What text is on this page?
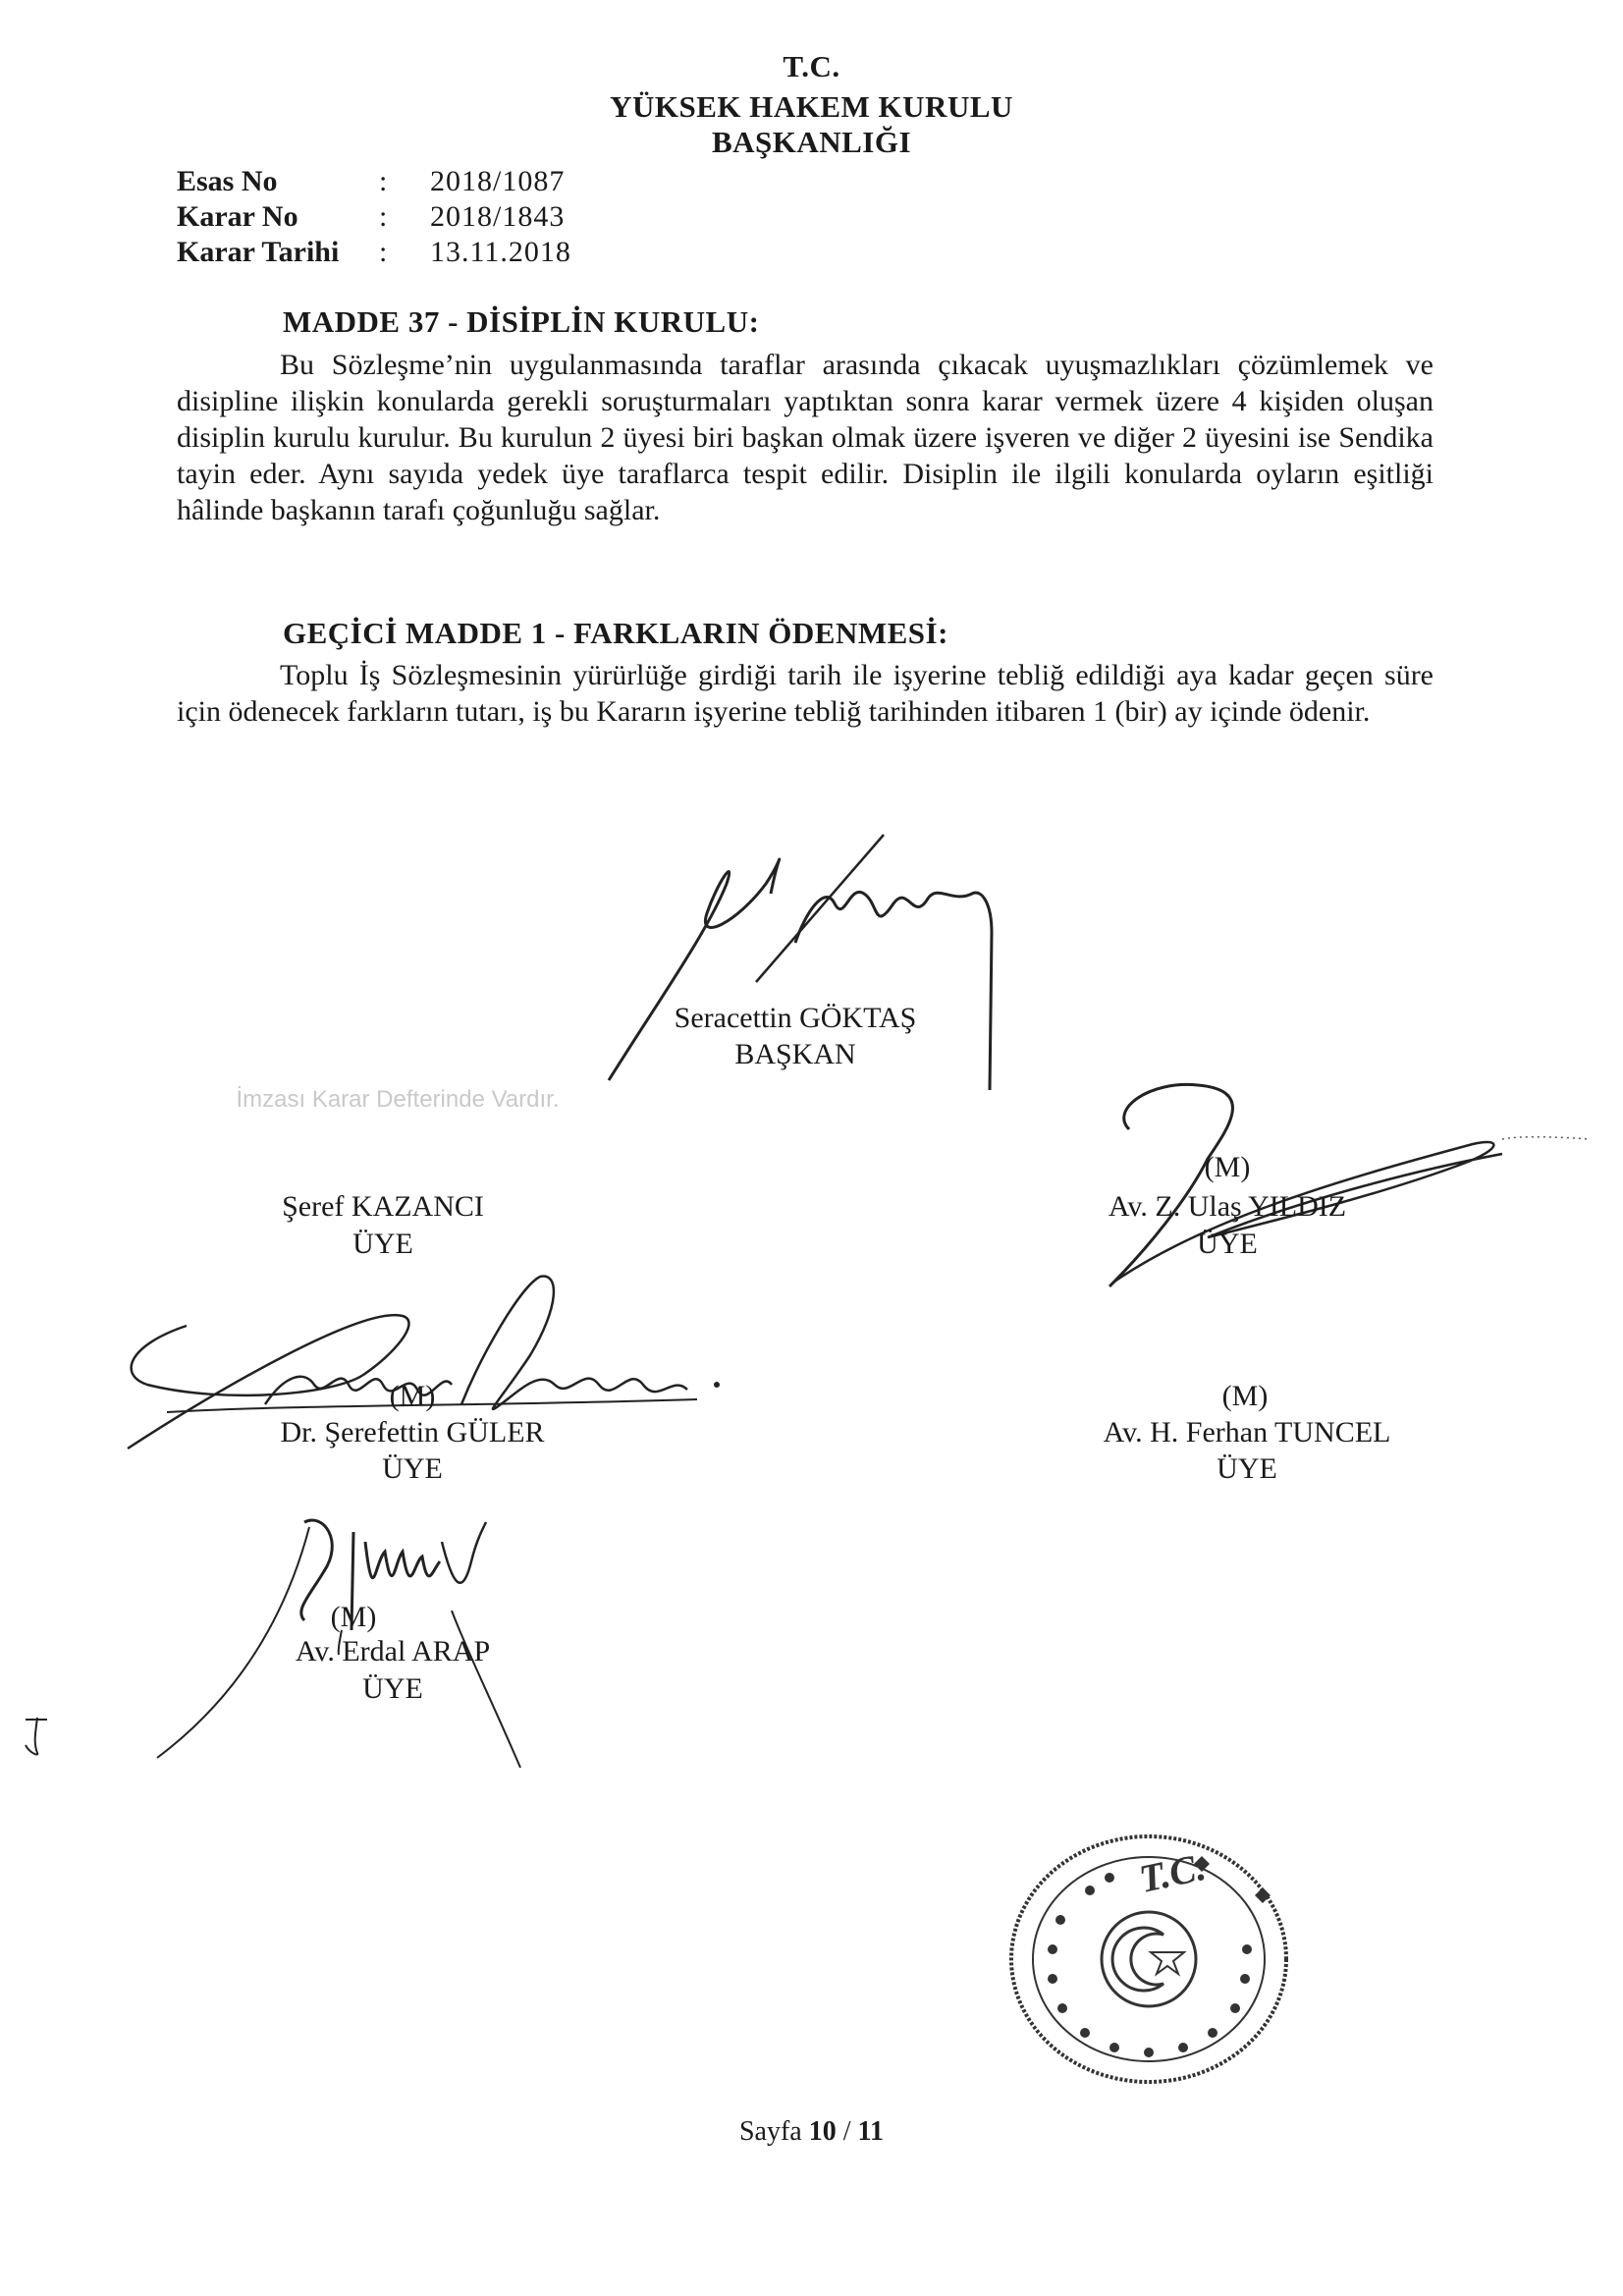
T.C.
YÜKSEK HAKEM KURULU
BAŞKANLIĞI
Esas No	: 2018/1087
Karar No	: 2018/1843
Karar Tarihi	: 13.11.2018
MADDE 37 - DİSİPLİN KURULU:
Bu Sözleşme’nin uygulanmasında taraflar arasında çıkacak uyuşmazlıkları çözümlemek ve disipline ilişkin konularda gerekli soruşturmaları yaptıktan sonra karar vermek üzere 4 kişiden oluşan disiplin kurulu kurulur. Bu kurulun 2 üyesi biri başkan olmak üzere işveren ve diğer 2 üyesini ise Sendika tayin eder. Aynı sayıda yedek üye taraflarca tespit edilir. Disiplin ile ilgili konularda oyların eşitliği hâlinde başkanın tarafı çoğunluğu sağlar.
GEÇİCİ MADDE 1 - FARKLARIN ÖDENMESİ:
Toplu İş Sözleşmesinin yürürlüğe girdiği tarih ile işyerine tebliğ edildiği aya kadar geçen süre için ödenecek farkların tutarı, iş bu Kararın işyerine tebliğ tarihinden itibaren 1 (bir) ay içinde ödenir.
Seracettin GÖKTAŞ
BAŞKAN
İmzası Karar Defterinde Vardır.
Şeref KAZANCI
ÜYE
(M)
Av. Z. Ulaş YILDIZ
ÜYE
(M)
Dr. Şerefettin GÜLER
ÜYE
(M)
Av. H. Ferhan TUNCEL
ÜYE
(M)
Av. Erdal ARAP
ÜYE
T.C.
Sayfa 10 / 11
